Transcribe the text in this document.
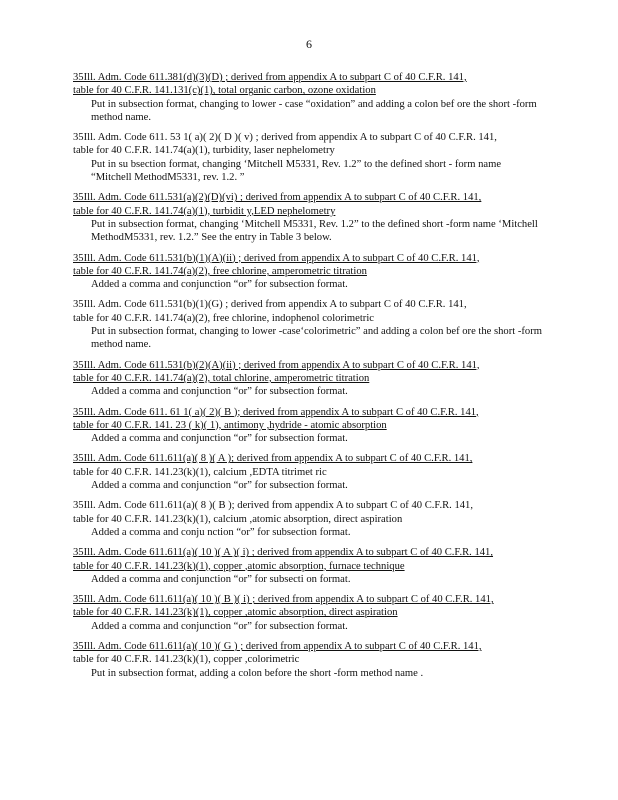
6
35Ill. Adm. Code 611.381(d)(3)(D) ; derived from appendix A to subpart C of 40 C.F.R. 141,
table for 40 C.F.R. 141.131(c)(1), total organic carbon, ozone oxidation
Put in subsection format, changing to lower - case “oxidation” and adding a colon bef ore the short -form method name.
35Ill. Adm. Code 611. 53 1( a)( 2)( D )( v) ; derived from appendix A to subpart C of 40 C.F.R. 141,
table for 40 C.F.R. 141.74(a)(1), turbidity, laser nephelometry
Put in su bsection format, changing ‘Mitchell M5331, Rev. 1.2” to the defined short - form name “Mitchell MethodM5331, rev. 1.2. ”
35Ill. Adm. Code 611.531(a)(2)(D)(vi) ; derived from appendix A to subpart C of 40 C.F.R. 141,
table for 40 C.F.R. 141.74(a)(1), turbidit y,LED nephelometry
Put in subsection format, changing ‘Mitchell M5331, Rev. 1.2” to the defined short -form name ‘Mitchell MethodM5331, rev. 1.2.” See the entry in Table 3 below.
35Ill. Adm. Code 611.531(b)(1)(A)(ii) ; derived from appendix A to subpart C of 40 C.F.R. 141,
table for 40 C.F.R. 141.74(a)(2), free chlorine, amperometric titration
Added a comma and conjunction “or” for subsection format.
35Ill. Adm. Code 611.531(b)(1)(G) ; derived from appendix A to subpart C of 40 C.F.R. 141,
table for 40 C.F.R. 141.74(a)(2), free chlorine, indophenol colorimetric
Put in subsection format, changing to lower -case‘colorimetric” and adding a colon bef ore the short -form method name.
35Ill. Adm. Code 611.531(b)(2)(A)(ii) ; derived from appendix A to subpart C of 40 C.F.R. 141,
table for 40 C.F.R. 141.74(a)(2), total chlorine, amperometric titration
Added a comma and conjunction “or” for subsection format.
35Ill. Adm. Code 611. 61 1( a)( 2)( B ); derived from appendix A to subpart C of 40 C.F.R. 141,
table for 40 C.F.R. 141. 23 ( k)( 1), antimony ,hydride - atomic absorption
Added a comma and conjunction “or” for subsection format.
35Ill. Adm. Code 611.611(a)( 8 )( A ); derived from appendix A to subpart C of 40 C.F.R. 141,
table for 40 C.F.R. 141.23(k)(1), calcium ,EDTA titrimet ric
Added a comma and conjunction “or” for subsection format.
35Ill. Adm. Code 611.611(a)( 8 )( B ); derived from appendix A to subpart C of 40 C.F.R. 141,
table for 40 C.F.R. 141.23(k)(1), calcium ,atomic absorption, direct aspiration
Added a comma and conju nction “or” for subsection format.
35Ill. Adm. Code 611.611(a)( 10 )( A )( i) ; derived from appendix A to subpart C of 40 C.F.R. 141,
table for 40 C.F.R. 141.23(k)(1), copper ,atomic absorption, furnace technique
Added a comma and conjunction “or” for subsecti on format.
35Ill. Adm. Code 611.611(a)( 10 )( B )( i) ; derived from appendix A to subpart C of 40 C.F.R. 141,
table for 40 C.F.R. 141.23(k)(1), copper ,atomic absorption, direct aspiration
Added a comma and conjunction “or” for subsection format.
35Ill. Adm. Code 611.611(a)( 10 )( G ) ; derived from appendix A to subpart C of 40 C.F.R. 141,
table for 40 C.F.R. 141.23(k)(1), copper ,colorimetric
Put in subsection format, adding a colon before the short -form method name .
